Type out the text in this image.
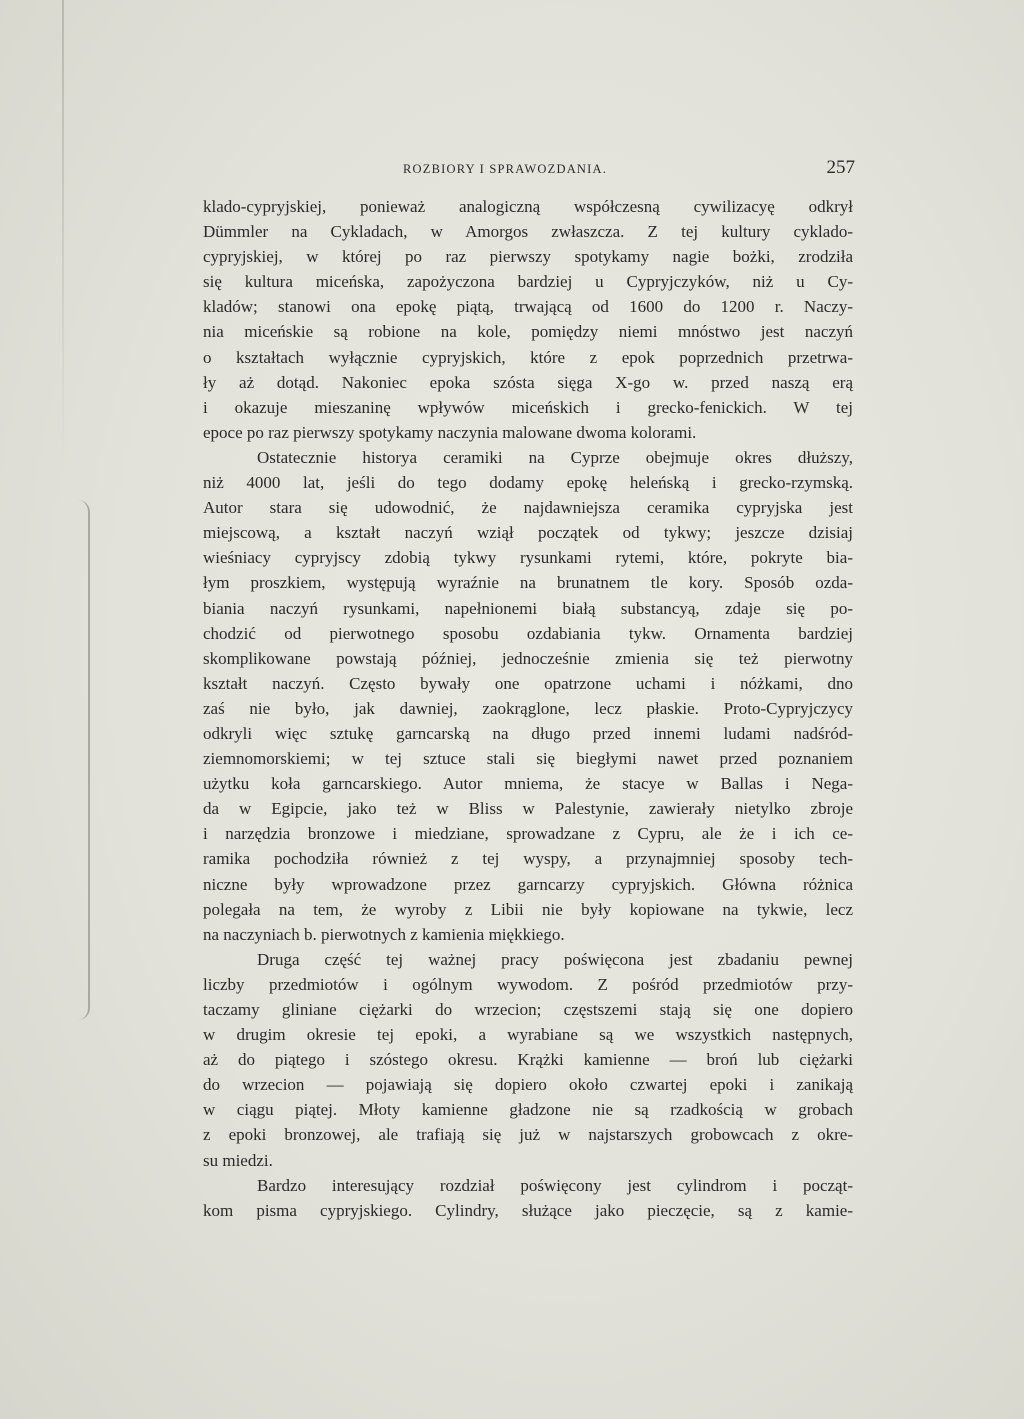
ROZBIORY I SPRAWOZDANIA.	257
klado-cypryjskiej, ponieważ analogiczną współczesną cywilizacyę odkrył
Dümmler na Cykladach, w Amorgos zwłaszcza. Z tej kultury cyklado-
cypryjskiej, w której po raz pierwszy spotykamy nagie bożki, zrodziła
się kultura miceńska, zapożyczona bardziej u Cypryjczyków, niż u Cy-
kladów; stanowi ona epokę piątą, trwającą od 1600 do 1200 r. Naczy-
nia miceńskie są robione na kole, pomiędzy niemi mnóstwo jest naczyń
o kształtach wyłącznie cypryjskich, które z epok poprzednich przetrwa-
ły aż dotąd. Nakoniec epoka szósta sięga X-go w. przed naszą erą
i okazuje mieszaninę wpływów miceńskich i grecko-fenickich. W tej
epoce po raz pierwszy spotykamy naczynia malowane dwoma kolorami.
Ostatecznie historya ceramiki na Cyprze obejmuje okres dłuższy,
niż 4000 lat, jeśli do tego dodamy epokę heleńską i grecko-rzymską.
Autor stara się udowodnić, że najdawniejsza ceramika cypryjska jest
miejscową, a kształt naczyń wziął początek od tykwy; jeszcze dzisiaj
wieśniacy cypryjscy zdobią tykwy rysunkami rytemi, które, pokryte bia-
łym proszkiem, występują wyraźnie na brunatnem tle kory. Sposób ozda-
biania naczyń rysunkami, napełnionemi białą substancyą, zdaje się po-
chodzić od pierwotnego sposobu ozdabiania tykw. Ornamenta bardziej
skomplikowane powstają później, jednocześnie zmienia się też pierwotny
kształt naczyń. Często bywały one opatrzone uchami i nóżkami, dno
zaś nie było, jak dawniej, zaokrąglone, lecz płaskie. Proto-Cypryjczycy
odkryli więc sztukę garncarską na długo przed innemi ludami nadśród-
ziemnomorskiemi; w tej sztuce stali się biegłymi nawet przed poznaniem
użytku koła garncarskiego. Autor mniema, że stacye w Ballas i Nega-
da w Egipcie, jako też w Bliss w Palestynie, zawierały nietylko zbroje
i narzędzia bronzowe i miedziane, sprowadzane z Cypru, ale że i ich ce-
ramika pochodziła również z tej wyspy, a przynajmniej sposoby tech-
niczne były wprowadzone przez garncarzy cypryjskich. Główna różnica
polegała na tem, że wyroby z Libii nie były kopiowane na tykwie, lecz
na naczyniach b. pierwotnych z kamienia miękkiego.
Druga część tej ważnej pracy poświęcona jest zbadaniu pewnej
liczby przedmiotów i ogólnym wywodom. Z pośród przedmiotów przy-
taczamy gliniane ciężarki do wrzecion; częstszemi stają się one dopiero
w drugim okresie tej epoki, a wyrabiane są we wszystkich następnych,
aż do piątego i szóstego okresu. Krążki kamienne — broń lub ciężarki
do wrzecion — pojawiają się dopiero około czwartej epoki i zanikają
w ciągu piątej. Młoty kamienne gładzone nie są rzadkością w grobach
z epoki bronzowej, ale trafiają się już w najstarszych grobowcach z okre-
su miedzi.
Bardzo interesujący rozdział poświęcony jest cylindrom i począt-
kom pisma cypryjskiego. Cylindry, służące jako pieczęcie, są z kamie-
